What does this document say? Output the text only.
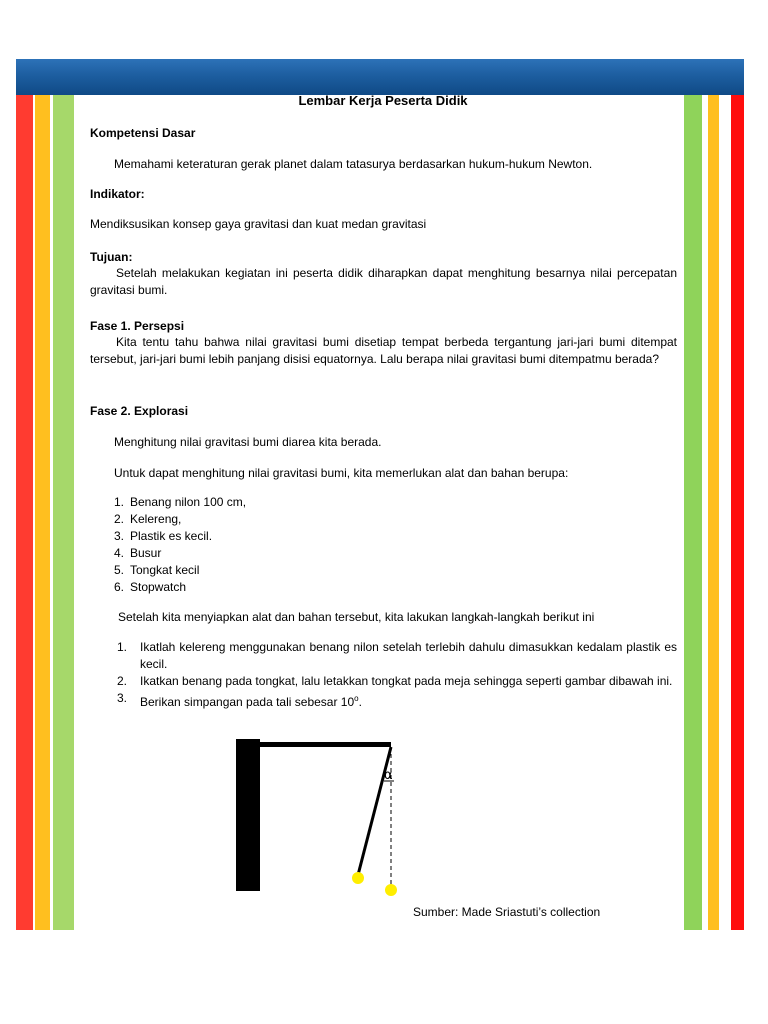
Lembar Kerja Peserta Didik
Kompetensi Dasar
Memahami keteraturan gerak planet dalam tatasurya berdasarkan hukum-hukum Newton.
Indikator:
Mendiksusikan konsep gaya gravitasi dan kuat medan gravitasi
Tujuan:
Setelah melakukan kegiatan ini peserta didik diharapkan dapat menghitung besarnya nilai percepatan gravitasi bumi.
Fase 1. Persepsi
Kita tentu tahu bahwa nilai gravitasi bumi disetiap tempat berbeda tergantung jari-jari bumi ditempat tersebut, jari-jari bumi lebih panjang disisi equatornya. Lalu berapa nilai gravitasi bumi ditempatmu berada?
Fase 2. Explorasi
Menghitung nilai gravitasi bumi diarea kita berada.
Untuk dapat menghitung nilai gravitasi bumi, kita memerlukan alat dan bahan berupa:
1. Benang nilon 100 cm,
2. Kelereng,
3. Plastik es kecil.
4. Busur
5. Tongkat kecil
6. Stopwatch
Setelah kita menyiapkan alat dan bahan tersebut, kita lakukan langkah-langkah berikut ini
1. Ikatlah kelereng menggunakan benang nilon setelah terlebih dahulu dimasukkan kedalam plastik es kecil.
2. Ikatkan benang pada tongkat, lalu letakkan tongkat pada meja sehingga seperti gambar dibawah ini.
3. Berikan simpangan pada tali sebesar 10$^o$.
α
Sumber: Made Sriastuti’s collection
